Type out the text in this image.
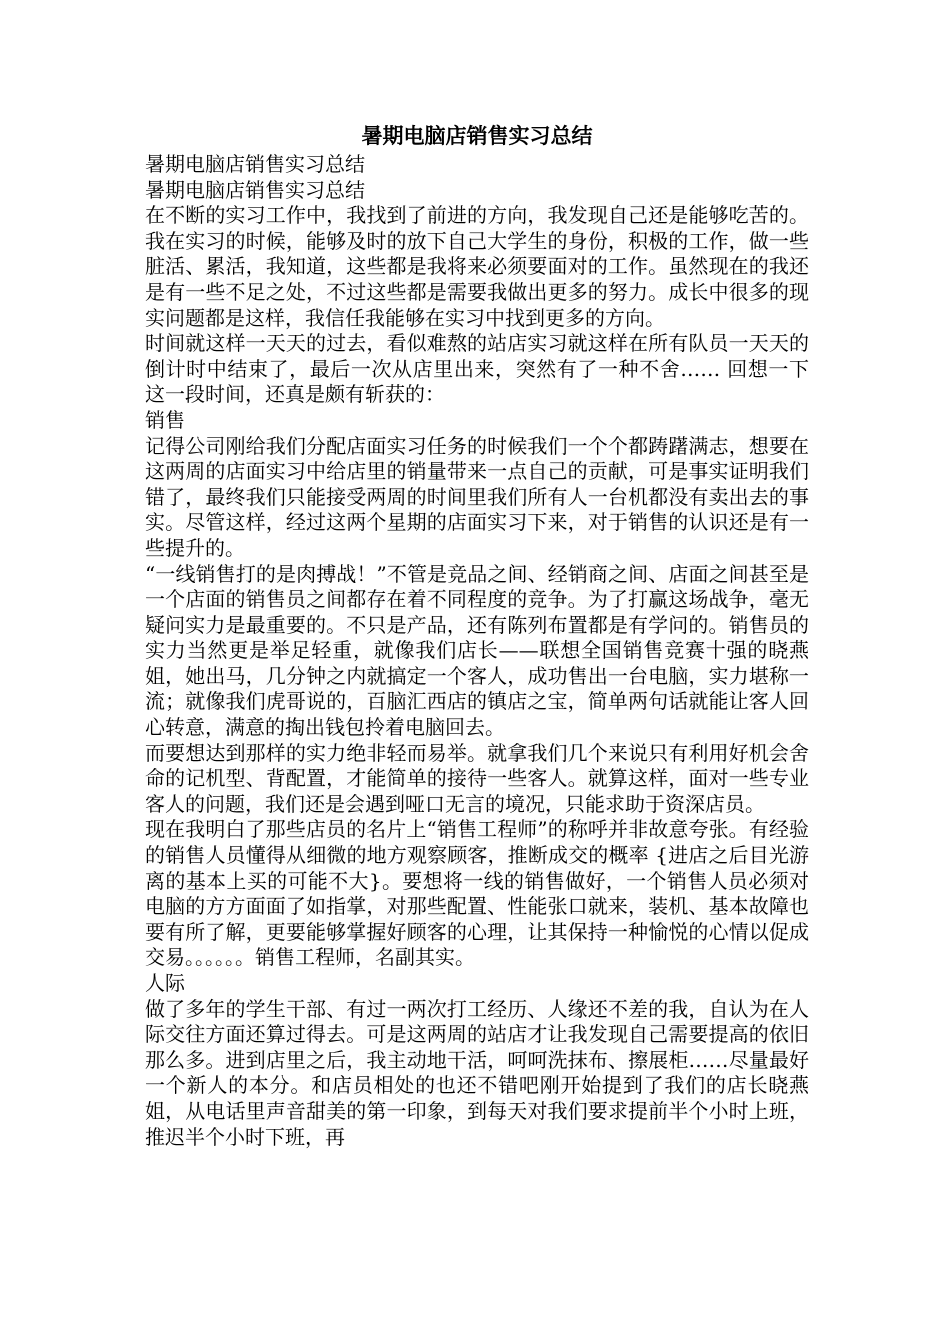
暑期电脑店销售实习总结

暑期电脑店销售实习总结

暑期电脑店销售实习总结

在不断的实习工作中，我找到了前进的方向，我发现自己还是能够吃苦的。我在实习的时候，能够及时的放下自己大学生的身份，积极的工作，做一些脏活、累活，我知道，这些都是我将来必须要面对的工作。虽然现在的我还是有一些不足之处，不过这些都是需要我做出更多的努力。成长中很多的现实问题都是这样，我信任我能够在实习中找到更多的方向。

时间就这样一天天的过去，看似难熬的站店实习就这样在所有队员一天天的倒计时中结束了，最后一次从店里出来，突然有了一种不舍…… 回想一下这一段时间，还真是颇有斩获的：

销售

记得公司刚给我们分配店面实习任务的时候我们一个个都踌躇满志，想要在这两周的店面实习中给店里的销量带来一点自己的贡献，可是事实证明我们错了，最终我们只能接受两周的时间里我们所有人一台机都没有卖出去的事实。尽管这样，经过这两个星期的店面实习下来，对于销售的认识还是有一些提升的。

“一线销售打的是肉搏战！”不管是竞品之间、经销商之间、店面之间甚至是一个店面的销售员之间都存在着不同程度的竞争。为了打赢这场战争，毫无疑问实力是最重要的。不只是产品，还有陈列布置都是有学问的。销售员的实力当然更是举足轻重，就像我们店长——联想全国销售竞赛十强的晓燕姐，她出马，几分钟之内就搞定一个客人，成功售出一台电脑，实力堪称一流；就像我们虎哥说的，百脑汇西店的镇店之宝，简单两句话就能让客人回心转意，满意的掏出钱包拎着电脑回去。

而要想达到那样的实力绝非轻而易举。就拿我们几个来说只有利用好机会舍命的记机型、背配置，才能简单的接待一些客人。就算这样，面对一些专业客人的问题，我们还是会遇到哑口无言的境况，只能求助于资深店员。

现在我明白了那些店员的名片上“销售工程师”的称呼并非故意夸张。有经验的销售人员懂得从细微的地方观察顾客，推断成交的概率 {进店之后目光游离的基本上买的可能不大}。要想将一线的销售做好，一个销售人员必须对电脑的方方面面了如指掌，对那些配置、性能张口就来，装机、基本故障也要有所了解，更要能够掌握好顾客的心理，让其保持一种愉悦的心情以促成交易。。。。。。销售工程师，名副其实。

人际

做了多年的学生干部、有过一两次打工经历、人缘还不差的我，自认为在人际交往方面还算过得去。可是这两周的站店才让我发现自己需要提高的依旧那么多。进到店里之后，我主动地干活，呵呵洗抹布、擦展柜……尽量最好一个新人的本分。和店员相处的也还不错吧刚开始提到了我们的店长晓燕姐，从电话里声音甜美的第一印象，到每天对我们要求提前半个小时上班，推迟半个小时下班，再
